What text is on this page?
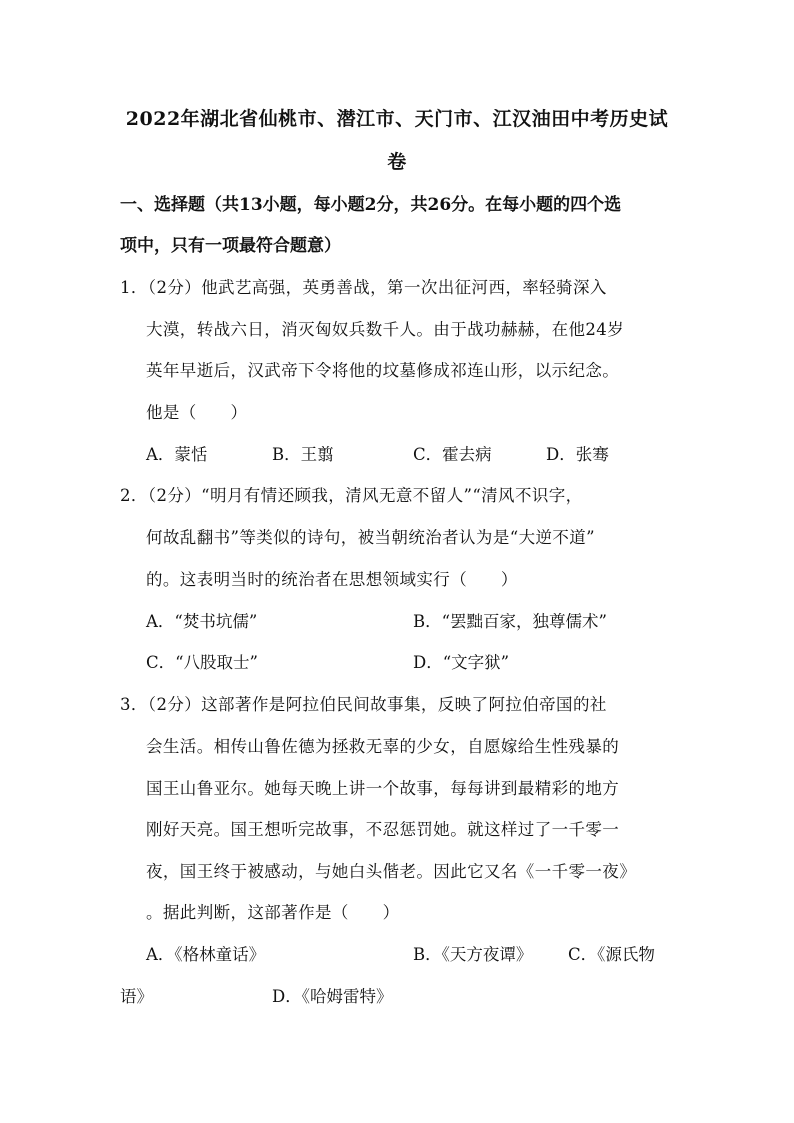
2022年湖北省仙桃市、潜江市、天门市、江汉油田中考历史试
卷
一、选择题（共13小题，每小题2分，共26分。在每小题的四个选
项中，只有一项最符合题意）
1．（2分）他武艺高强，英勇善战，第一次出征河西，率轻骑深入
大漠，转战六日，消灭匈奴兵数千人。由于战功赫赫，在他24岁
英年早逝后，汉武帝下令将他的坟墓修成祁连山形，以示纪念。
他是（　　）
A．蒙恬	B．王翦	C．霍去病	D．张骞
2．（2分）“明月有情还顾我，清风无意不留人”“清风不识字，
何故乱翻书”等类似的诗句，被当朝统治者认为是“大逆不道”
的。这表明当时的统治者在思想领域实行（　　）
A．“焚书坑儒”	B．“罢黜百家，独尊儒术”
C．“八股取士”	D．“文字狱”
3．（2分）这部著作是阿拉伯民间故事集，反映了阿拉伯帝国的社
会生活。相传山鲁佐德为拯救无辜的少女，自愿嫁给生性残暴的
国王山鲁亚尔。她每天晚上讲一个故事，每每讲到最精彩的地方
刚好天亮。国王想听完故事，不忍惩罚她。就这样过了一千零一
夜，国王终于被感动，与她白头偕老。因此它又名《一千零一夜》
。据此判断，这部著作是（　　）
A．《格林童话》	B．《天方夜谭》 C．《源氏物
语》	D．《哈姆雷特》
